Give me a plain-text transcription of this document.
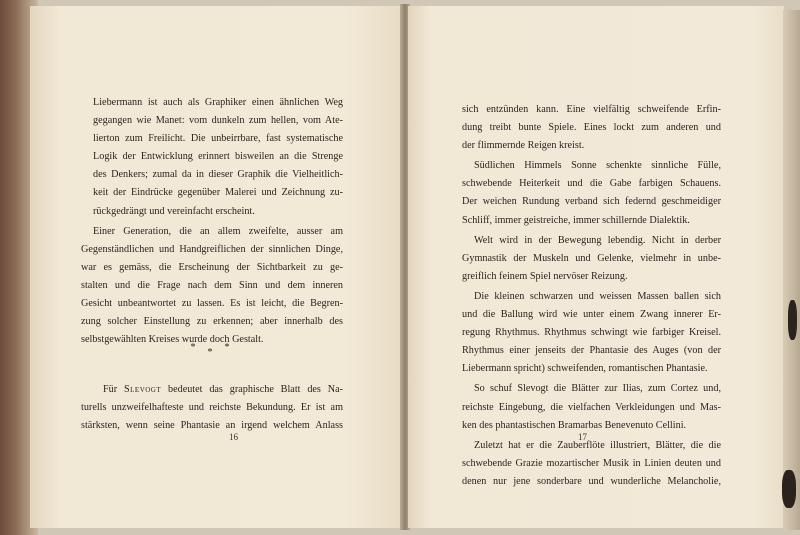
Liebermann ist auch als Graphiker einen ähnlichen Weg
gegangen wie Manet: vom dunkeln zum hellen, vom Ate-
lierton zum Freilicht. Die unbeirrbare, fast systematische
Logik der Entwicklung erinnert bisweilen an die Strenge
des Denkers; zumal da in dieser Graphik die Vielheitlich-
keit der Eindrücke gegenüber Malerei und Zeichnung zu-
rückgedrängt und vereinfacht erscheint.

Einer Generation, die an allem zweifelte, ausser am
Gegenständlichen und Handgreiflichen der sinnlichen Dinge,
war es gemäss, die Erscheinung der Sichtbarkeit zu ge-
stalten und die Frage nach dem Sinn und dem inneren
Gesicht unbeantwortet zu lassen. Es ist leicht, die Begren-
zung solcher Einstellung zu erkennen; aber innerhalb des
selbstgewählten Kreises wurde doch Gestalt.

***
Für Slevogt bedeutet das graphische Blatt des Na-
turells unzweifelhafteste und reichste Bekundung. Er ist am
stärksten, wenn seine Phantasie an irgend welchem Anlass
16

sich entzünden kann. Eine vielfältig schweifende Erfin-
dung treibt bunte Spiele. Eines lockt zum anderen und
der flimmernde Reigen kreist.

Südlichen Himmels Sonne schenkte sinnliche Fülle,
schwebende Heiterkeit und die Gabe farbigen Schauens.
Der weichen Rundung verband sich federnd geschmeidiger
Schliff, immer geistreiche, immer schillernde Dialektik.

Welt wird in der Bewegung lebendig. Nicht in derber
Gymnastik der Muskeln und Gelenke, vielmehr in unbe-
greiflich feinem Spiel nervöser Reizung.

Die kleinen schwarzen und weissen Massen ballen sich
und die Ballung wird wie unter einem Zwang innerer Er-
regung Rhythmus. Rhythmus schwingt wie farbiger Kreisel.
Rhythmus einer jenseits der Phantasie des Auges (von der
Liebermann spricht) schweifenden, romantischen Phantasie.

So schuf Slevogt die Blätter zur Ilias, zum Cortez und,
reichste Eingebung, die vielfachen Verkleidungen und Mas-
ken des phantastischen Bramarbas Benevenuto Cellini.

Zuletzt hat er die Zauberflöte illustriert, Blätter, die die
schwebende Grazie mozartischer Musik in Linien deuten und
denen nur jene sonderbare und wunderliche Melancholie,

17
